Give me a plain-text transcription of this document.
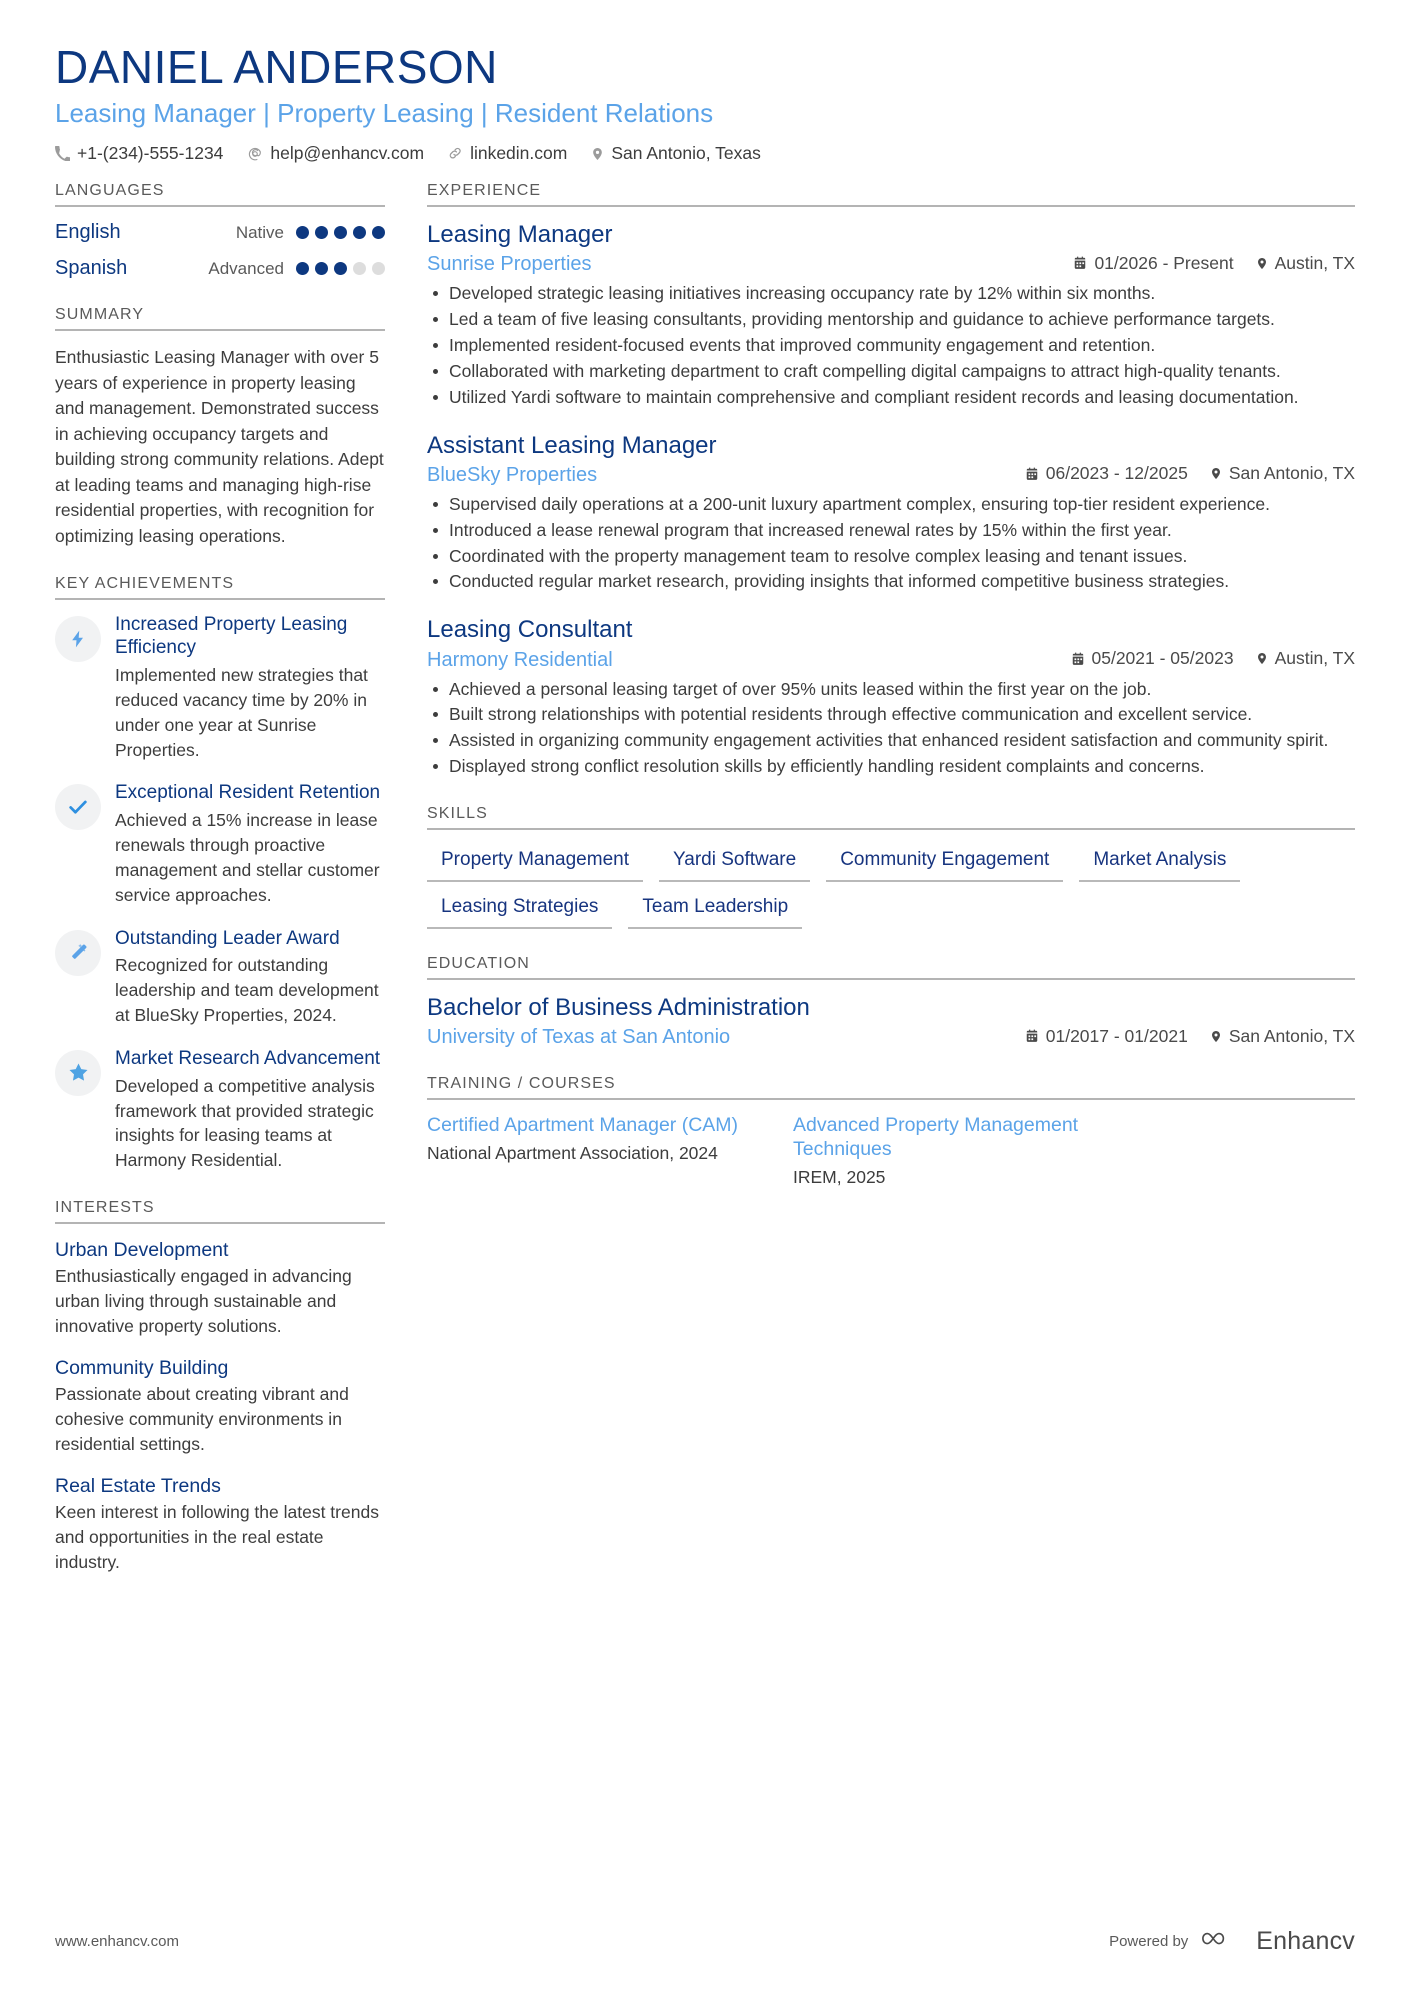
DANIEL ANDERSON
Leasing Manager | Property Leasing | Resident Relations
+1-(234)-555-1234	help@enhancv.com	linkedin.com	San Antonio, Texas
LANGUAGES
English	Native
Spanish	Advanced
SUMMARY
Enthusiastic Leasing Manager with over 5 years of experience in property leasing and management. Demonstrated success in achieving occupancy targets and building strong community relations. Adept at leading teams and managing high-rise residential properties, with recognition for optimizing leasing operations.
KEY ACHIEVEMENTS
Increased Property Leasing Efficiency
Implemented new strategies that reduced vacancy time by 20% in under one year at Sunrise Properties.
Exceptional Resident Retention
Achieved a 15% increase in lease renewals through proactive management and stellar customer service approaches.
Outstanding Leader Award
Recognized for outstanding leadership and team development at BlueSky Properties, 2024.
Market Research Advancement
Developed a competitive analysis framework that provided strategic insights for leasing teams at Harmony Residential.
INTERESTS
Urban Development
Enthusiastically engaged in advancing urban living through sustainable and innovative property solutions.
Community Building
Passionate about creating vibrant and cohesive community environments in residential settings.
Real Estate Trends
Keen interest in following the latest trends and opportunities in the real estate industry.
EXPERIENCE
Leasing Manager
Sunrise Properties	01/2026 - Present Austin, TX
Developed strategic leasing initiatives increasing occupancy rate by 12% within six months.
Led a team of five leasing consultants, providing mentorship and guidance to achieve performance targets.
Implemented resident-focused events that improved community engagement and retention.
Collaborated with marketing department to craft compelling digital campaigns to attract high-quality tenants.
Utilized Yardi software to maintain comprehensive and compliant resident records and leasing documentation.
Assistant Leasing Manager
BlueSky Properties	06/2023 - 12/2025 San Antonio, TX
Supervised daily operations at a 200-unit luxury apartment complex, ensuring top-tier resident experience.
Introduced a lease renewal program that increased renewal rates by 15% within the first year.
Coordinated with the property management team to resolve complex leasing and tenant issues.
Conducted regular market research, providing insights that informed competitive business strategies.
Leasing Consultant
Harmony Residential	05/2021 - 05/2023 Austin, TX
Achieved a personal leasing target of over 95% units leased within the first year on the job.
Built strong relationships with potential residents through effective communication and excellent service.
Assisted in organizing community engagement activities that enhanced resident satisfaction and community spirit.
Displayed strong conflict resolution skills by efficiently handling resident complaints and concerns.
SKILLS
Property Management	Yardi Software	Community Engagement	Market Analysis
Leasing Strategies	Team Leadership
EDUCATION
Bachelor of Business Administration
University of Texas at San Antonio	01/2017 - 01/2021 San Antonio, TX
TRAINING / COURSES
Certified Apartment Manager (CAM)
National Apartment Association, 2024
Advanced Property Management Techniques
IREM, 2025
www.enhancv.com	Powered by	Enhancv
